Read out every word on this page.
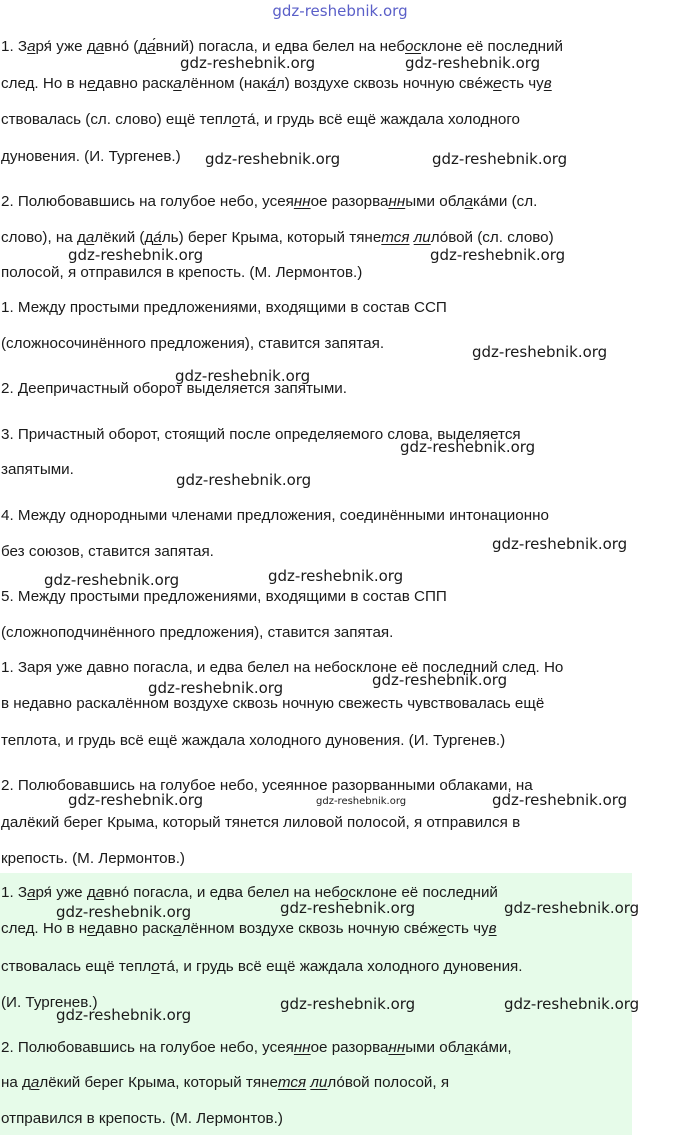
gdz-reshebnik.org
1. Заря́ уже давно́ (да́вний) погасла, и едва белел на небосклоне её последний
след. Но в недавно раскалённом (нака́л) воздухе сквозь ночную свéжесть чув
ствовалась (сл. слово) ещё теплота́, и грудь всё ещё жаждала холодного
дуновения. (И. Тургенев.)
2. Полюбовавшись на голубое небо, усеянное разорванными облака́ми (сл.
слово), на далёкий (да́ль) берег Крыма, который тянется лило́вой (сл. слово)
полосой, я отправился в крепость. (М. Лермонтов.)
1. Между простыми предложениями, входящими в состав ССП
(сложносочинённого предложения), ставится запятая.
2. Деепричастный оборот выделяется запятыми.
3. Причастный оборот, стоящий после определяемого слова, выделяется
запятыми.
4. Между однородными членами предложения, соединёнными интонационно
без союзов, ставится запятая.
5. Между простыми предложениями, входящими в состав СПП
(сложноподчинённого предложения), ставится запятая.
1. Заря уже давно погасла, и едва белел на небосклоне её последний след. Но
в недавно раскалённом воздухе сквозь ночную свежесть чувствовалась ещё
теплота, и грудь всё ещё жаждала холодного дуновения. (И. Тургенев.)
2. Полюбовавшись на голубое небо, усеянное разорванными облаками, на
далёкий берег Крыма, который тянется лиловой полосой, я отправился в
крепость. (М. Лермонтов.)
1. Заря́ уже давно́ погасла, и едва белел на небосклоне её последний
след. Но в недавно раскалённом воздухе сквозь ночную свéжесть чув
ствовалась ещё теплота́, и грудь всё ещё жаждала холодного дуновения.
(И. Тургенев.)
2. Полюбовавшись на голубое небо, усеянное разорванными облака́ми,
на далёкий берег Крыма, который тянется лило́вой полосой, я
отправился в крепость. (М. Лермонтов.)
gdz-reshebnik.org	gdz-reshebnik.org
gdz-reshebnik.org	gdz-reshebnik.org
gdz-reshebnik.org	gdz-reshebnik.org
gdz-reshebnik.org
gdz-reshebnik.org
gdz-reshebnik.org
gdz-reshebnik.org
gdz-reshebnik.org
gdz-reshebnik.org	gdz-reshebnik.org
gdz-reshebnik.org
gdz-reshebnik.org
gdz-reshebnik.org	gdz-reshebnik.org
gdz-reshebnik.org	gdz-reshebnik.org	gdz-reshebnik.org
gdz-reshebnik.org	gdz-reshebnik.org
gdz-reshebnik.org
gdz-reshebnik.org
